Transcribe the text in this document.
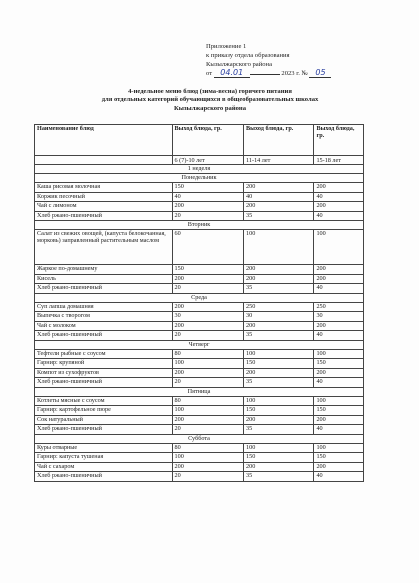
Приложение 1
к приказу отдела образования
Кызылжарского района
от 04.01	2023 г. № 05
4-недельное меню блюд (зима-весна) горячего питания
для отдельных категорий обучающихся в общеобразовательных школах
Кызылжарского района
Наименование блюд	Выход блюда, гр.	Выход блюда, гр.	Выход блюда, гр.
	6 (7)-10 лет	11-14 лет	15-18 лет
1 неделя			
Понедельник			
Каша рисовая молочная	150	200	200
Коржик песочный	40	40	40
Чай с лимоном	200	200	200
Хлеб ржано-пшеничный	20	35	40
Вторник			
Салат из свежих овощей, (капуста белокочанная, морковь) заправленный растительным маслом	60	100	100
Жаркое по-домашнему	150	200	200
Кисель	200	200	200
Хлеб ржано-пшеничный	20	35	40
Среда			
Суп лапша домашняя	200	250	250
Выпечка с творогом	30	30	30
Чай с молоком	200	200	200
Хлеб ржано-пшеничный	20	35	40
Четверг			
Тефтели рыбные с соусом	80	100	100
Гарнир: крупяной	100	150	150
Компот из сухофруктов	200	200	200
Хлеб ржано-пшеничный	20	35	40
Пятница			
Котлеты мясные с соусом	80	100	100
Гарнир: картофельное пюре	100	150	150
Сок натуральный	200	200	200
Хлеб ржано-пшеничный	20	35	40
Суббота			
Куры отварные	80	100	100
Гарнир: капуста тушеная	100	150	150
Чай с сахаром	200	200	200
Хлеб ржано-пшеничный	20	35	40
